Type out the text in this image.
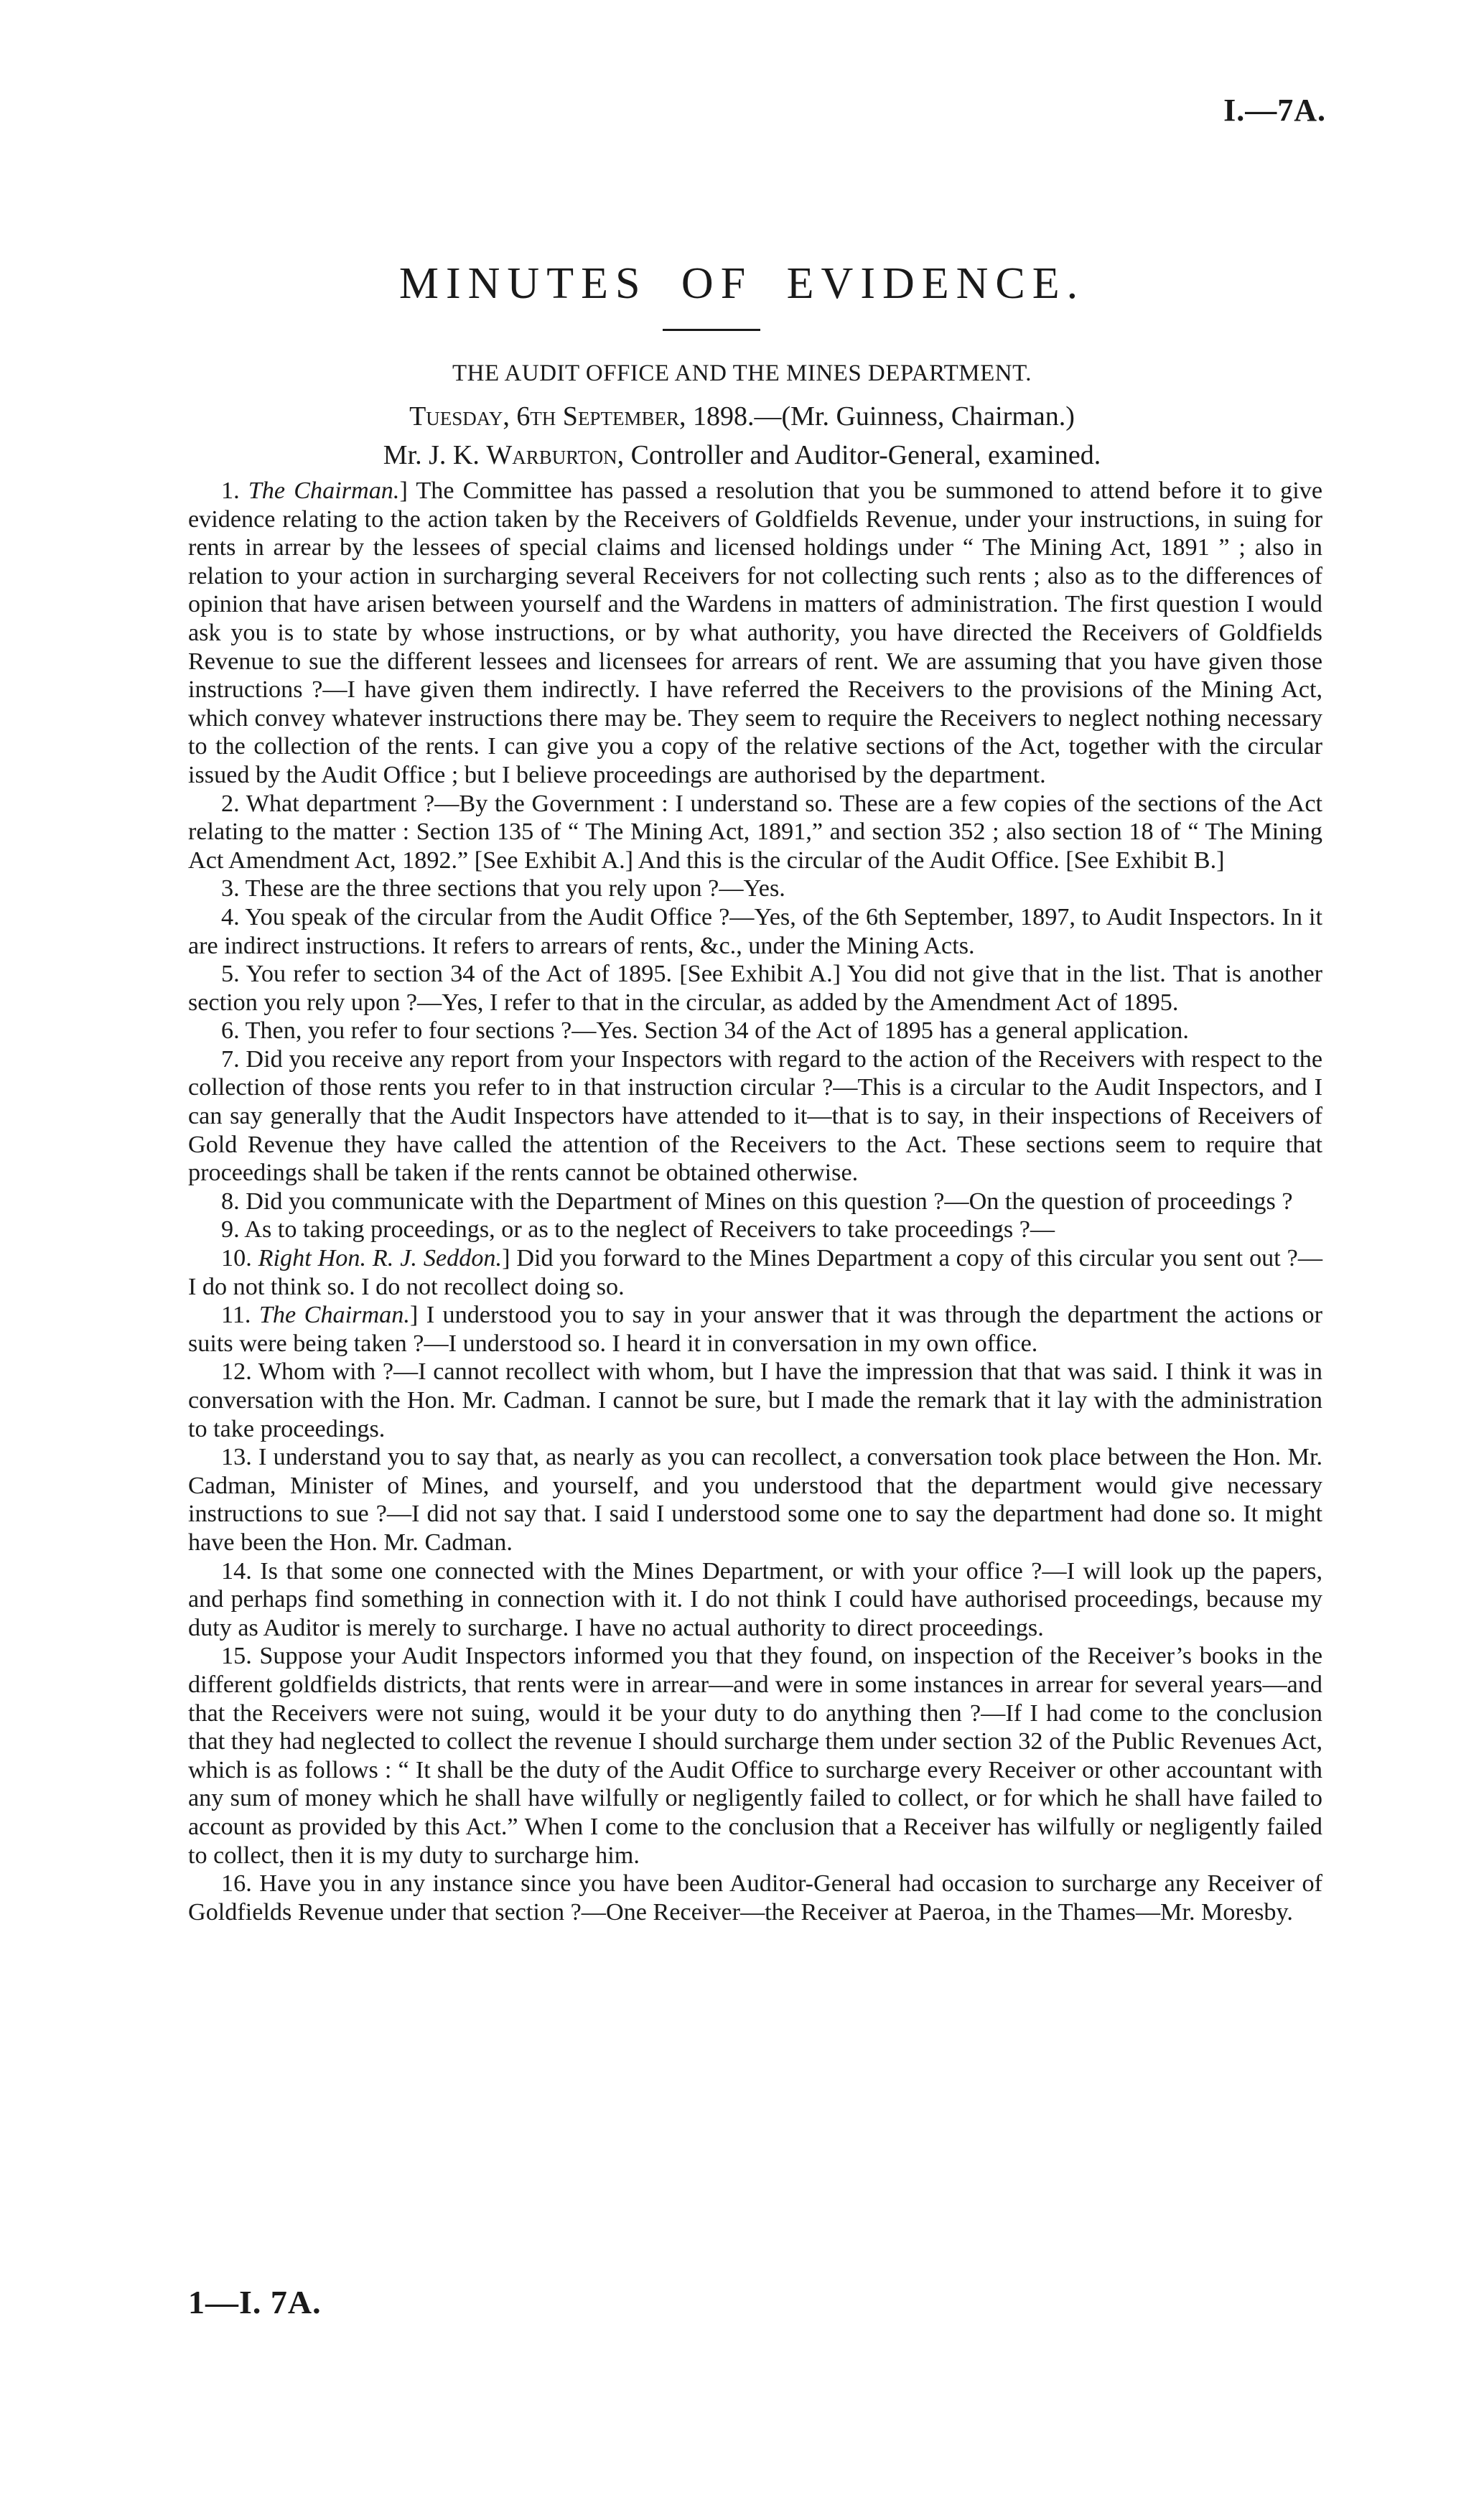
I.—7A.
MINUTES OF EVIDENCE.
THE AUDIT OFFICE AND THE MINES DEPARTMENT.
Tuesday, 6th September, 1898.—(Mr. Guinness, Chairman.)
Mr. J. K. Warburton, Controller and Auditor-General, examined.

1. The Chairman.] The Committee has passed a resolution that you be summoned to attend before it to give evidence relating to the action taken by the Receivers of Goldfields Revenue, under your instructions, in suing for rents in arrear by the lessees of special claims and licensed holdings under “ The Mining Act, 1891 ” ; also in relation to your action in surcharging several Receivers for not collecting such rents ; also as to the differences of opinion that have arisen between yourself and the Wardens in matters of administration. The first question I would ask you is to state by whose instructions, or by what authority, you have directed the Receivers of Goldfields Revenue to sue the different lessees and licensees for arrears of rent. We are assuming that you have given those instructions ?—I have given them indirectly. I have referred the Receivers to the provisions of the Mining Act, which convey whatever instructions there may be. They seem to require the Receivers to neglect nothing necessary to the collection of the rents. I can give you a copy of the relative sections of the Act, together with the circular issued by the Audit Office ; but I believe proceedings are authorised by the department.

2. What department ?—By the Government : I understand so. These are a few copies of the sections of the Act relating to the matter : Section 135 of “ The Mining Act, 1891,” and section 352 ; also section 18 of “ The Mining Act Amendment Act, 1892.” [See Exhibit A.] And this is the circular of the Audit Office. [See Exhibit B.]

3. These are the three sections that you rely upon ?—Yes.

4. You speak of the circular from the Audit Office ?—Yes, of the 6th September, 1897, to Audit Inspectors. In it are indirect instructions. It refers to arrears of rents, &c., under the Mining Acts.

5. You refer to section 34 of the Act of 1895. [See Exhibit A.] You did not give that in the list. That is another section you rely upon ?—Yes, I refer to that in the circular, as added by the Amendment Act of 1895.

6. Then, you refer to four sections ?—Yes. Section 34 of the Act of 1895 has a general application.

7. Did you receive any report from your Inspectors with regard to the action of the Receivers with respect to the collection of those rents you refer to in that instruction circular ?—This is a circular to the Audit Inspectors, and I can say generally that the Audit Inspectors have attended to it—that is to say, in their inspections of Receivers of Gold Revenue they have called the attention of the Receivers to the Act. These sections seem to require that proceedings shall be taken if the rents cannot be obtained otherwise.

8. Did you communicate with the Department of Mines on this question ?—On the question of proceedings ?

9. As to taking proceedings, or as to the neglect of Receivers to take proceedings ?—

10. Right Hon. R. J. Seddon.] Did you forward to the Mines Department a copy of this circular you sent out ?—I do not think so. I do not recollect doing so.

11. The Chairman.] I understood you to say in your answer that it was through the department the actions or suits were being taken ?—I understood so. I heard it in conversation in my own office.

12. Whom with ?—I cannot recollect with whom, but I have the impression that that was said. I think it was in conversation with the Hon. Mr. Cadman. I cannot be sure, but I made the remark that it lay with the administration to take proceedings.

13. I understand you to say that, as nearly as you can recollect, a conversation took place between the Hon. Mr. Cadman, Minister of Mines, and yourself, and you understood that the department would give necessary instructions to sue ?—I did not say that. I said I understood some one to say the department had done so. It might have been the Hon. Mr. Cadman.

14. Is that some one connected with the Mines Department, or with your office ?—I will look up the papers, and perhaps find something in connection with it. I do not think I could have authorised proceedings, because my duty as Auditor is merely to surcharge. I have no actual authority to direct proceedings.

15. Suppose your Audit Inspectors informed you that they found, on inspection of the Receiver’s books in the different goldfields districts, that rents were in arrear—and were in some instances in arrear for several years—and that the Receivers were not suing, would it be your duty to do anything then ?—If I had come to the conclusion that they had neglected to collect the revenue I should surcharge them under section 32 of the Public Revenues Act, which is as follows : “ It shall be the duty of the Audit Office to surcharge every Receiver or other accountant with any sum of money which he shall have wilfully or negligently failed to collect, or for which he shall have failed to account as provided by this Act.” When I come to the conclusion that a Receiver has wilfully or negligently failed to collect, then it is my duty to surcharge him.

16. Have you in any instance since you have been Auditor-General had occasion to surcharge any Receiver of Goldfields Revenue under that section ?—One Receiver—the Receiver at Paeroa, in the Thames—Mr. Moresby.

1—I. 7A.
